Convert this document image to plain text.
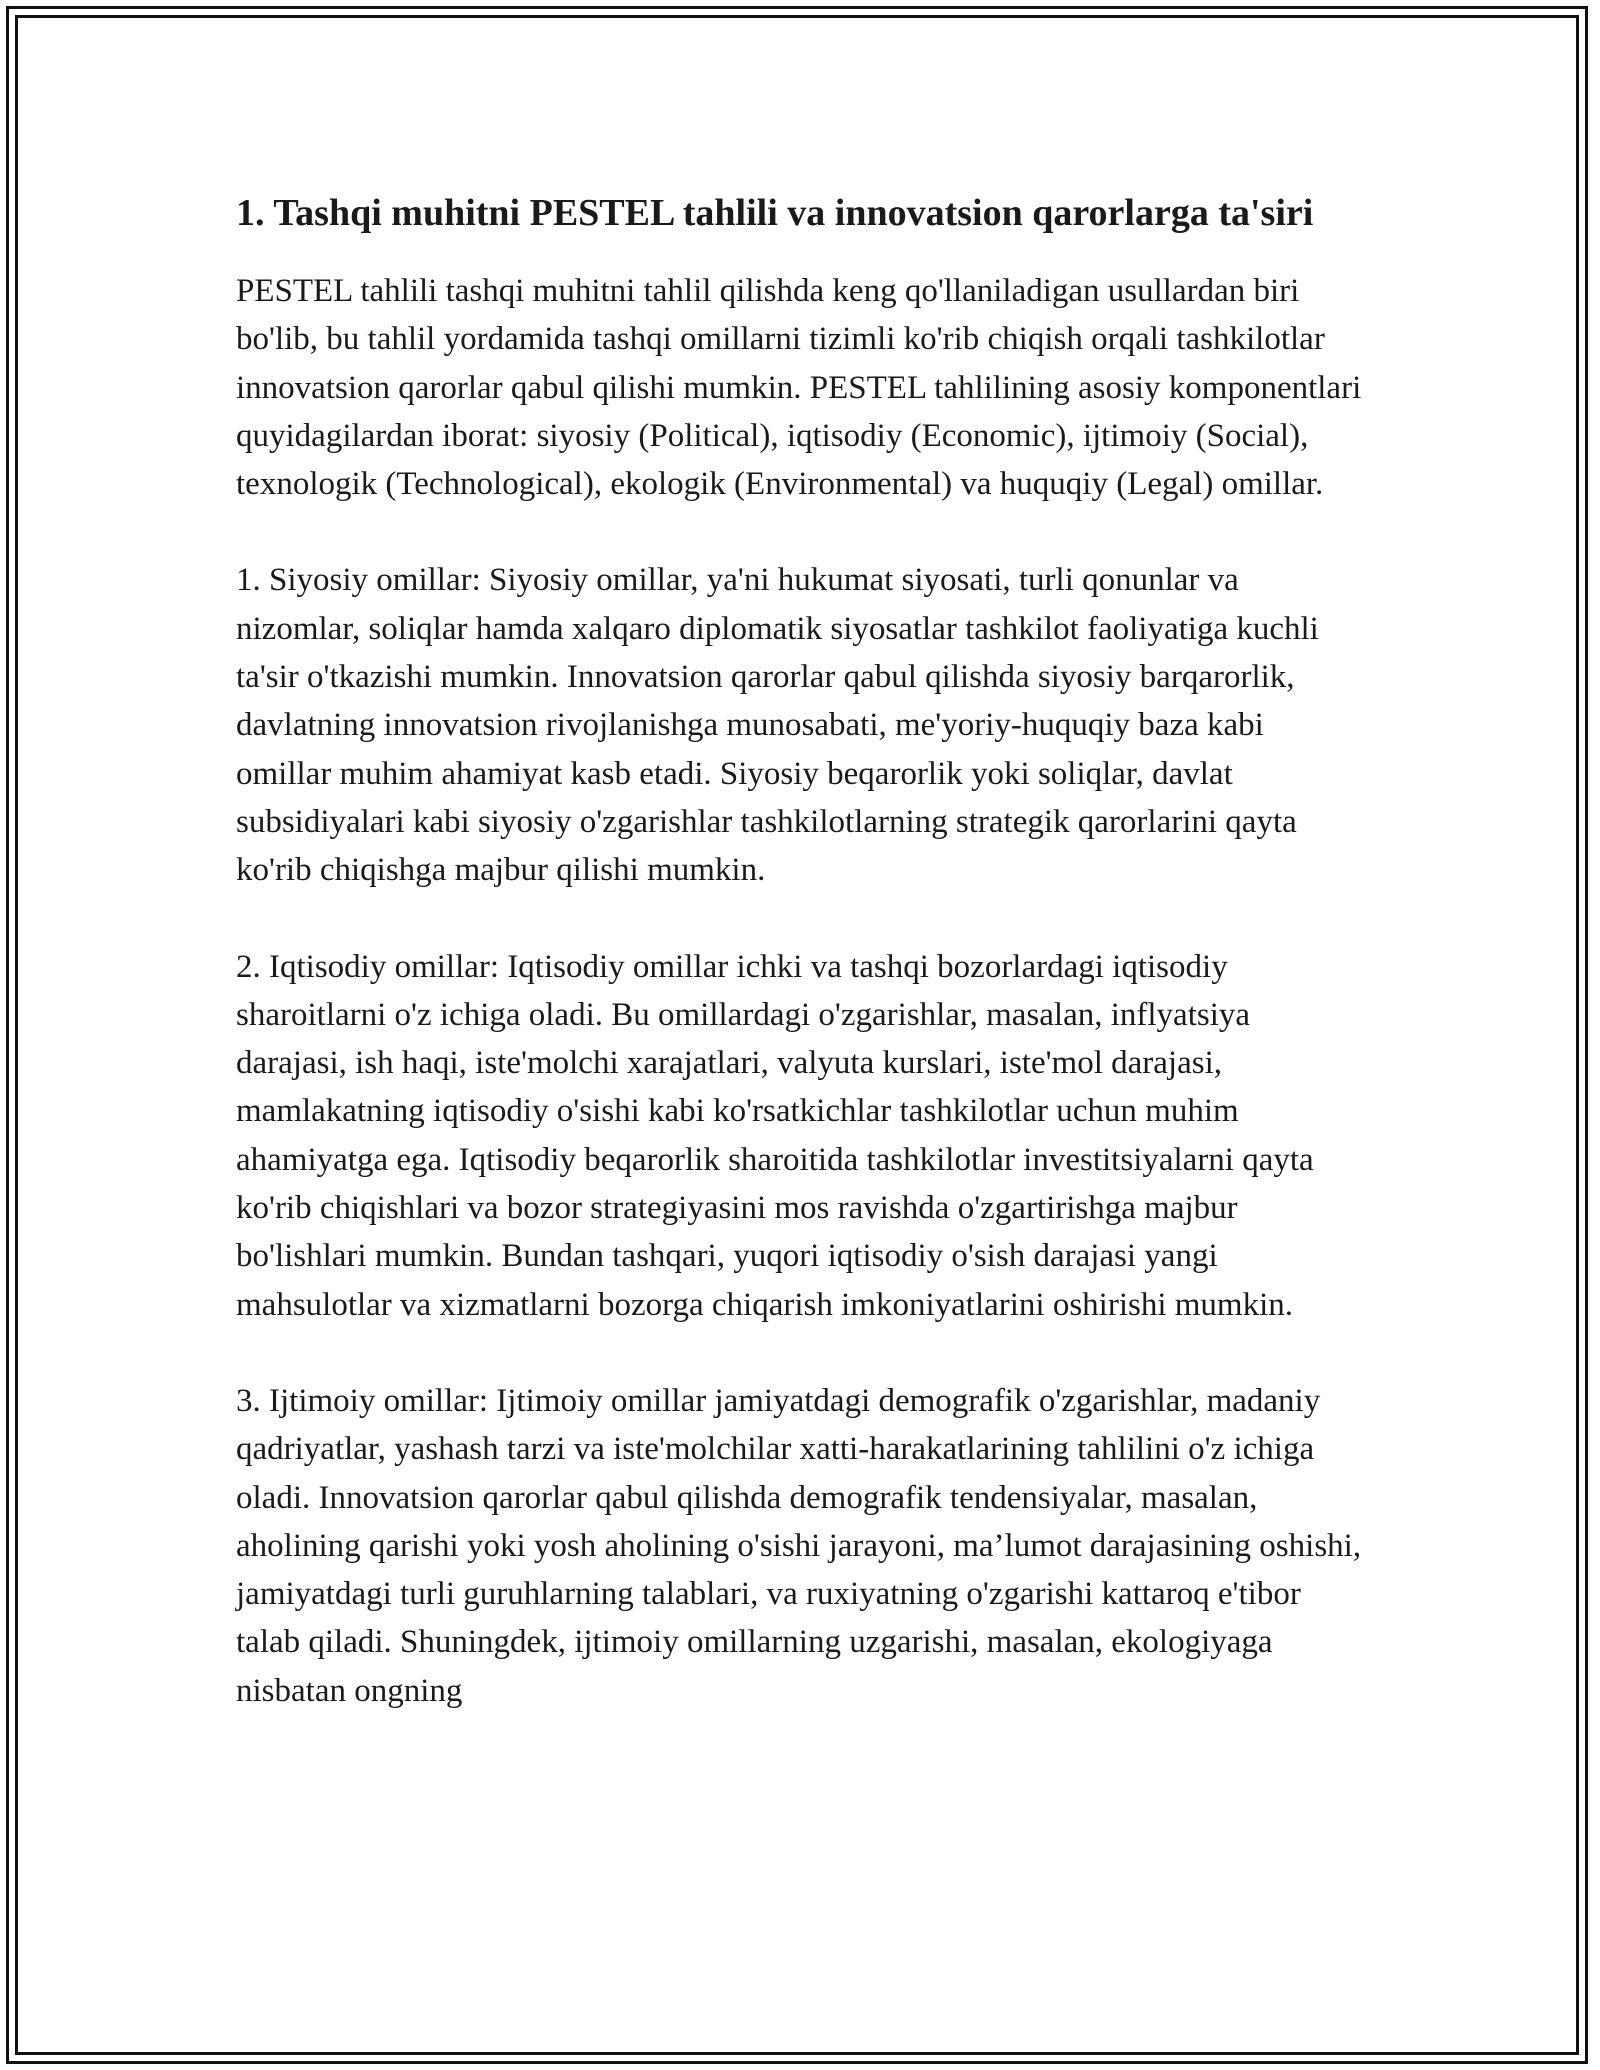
1. Tashqi muhitni PESTEL tahlili va innovatsion qarorlarga ta'siri

PESTEL tahlili tashqi muhitni tahlil qilishda keng qo'llaniladigan usullardan biri bo'lib, bu tahlil yordamida tashqi omillarni tizimli ko'rib chiqish orqali tashkilotlar innovatsion qarorlar qabul qilishi mumkin. PESTEL tahlilining asosiy komponentlari quyidagilardan iborat: siyosiy (Political), iqtisodiy (Economic), ijtimoiy (Social), texnologik (Technological), ekologik (Environmental) va huquqiy (Legal) omillar.

1. Siyosiy omillar: Siyosiy omillar, ya'ni hukumat siyosati, turli qonunlar va nizomlar, soliqlar hamda xalqaro diplomatik siyosatlar tashkilot faoliyatiga kuchli ta'sir o'tkazishi mumkin. Innovatsion qarorlar qabul qilishda siyosiy barqarorlik, davlatning innovatsion rivojlanishga munosabati, me'yoriy-huquqiy baza kabi omillar muhim ahamiyat kasb etadi. Siyosiy beqarorlik yoki soliqlar, davlat subsidiyalari kabi siyosiy o'zgarishlar tashkilotlarning strategik qarorlarini qayta ko'rib chiqishga majbur qilishi mumkin.

2. Iqtisodiy omillar: Iqtisodiy omillar ichki va tashqi bozorlardagi iqtisodiy sharoitlarni o'z ichiga oladi. Bu omillardagi o'zgarishlar, masalan, inflyatsiya darajasi, ish haqi, iste'molchi xarajatlari, valyuta kurslari, iste'mol darajasi, mamlakatning iqtisodiy o'sishi kabi ko'rsatkichlar tashkilotlar uchun muhim ahamiyatga ega. Iqtisodiy beqarorlik sharoitida tashkilotlar investitsiyalarni qayta ko'rib chiqishlari va bozor strategiyasini mos ravishda o'zgartirishga majbur bo'lishlari mumkin. Bundan tashqari, yuqori iqtisodiy o'sish darajasi yangi mahsulotlar va xizmatlarni bozorga chiqarish imkoniyatlarini oshirishi mumkin.

3. Ijtimoiy omillar: Ijtimoiy omillar jamiyatdagi demografik o'zgarishlar, madaniy qadriyatlar, yashash tarzi va iste'molchilar xatti-harakatlarining tahlilini o'z ichiga oladi. Innovatsion qarorlar qabul qilishda demografik tendensiyalar, masalan, aholining qarishi yoki yosh aholining o'sishi jarayoni, ma’lumot darajasining oshishi, jamiyatdagi turli guruhlarning talablari, va ruxiyatning o'zgarishi kattaroq e'tibor talab qiladi. Shuningdek, ijtimoiy omillarning uzgarishi, masalan, ekologiyaga nisbatan ongning
